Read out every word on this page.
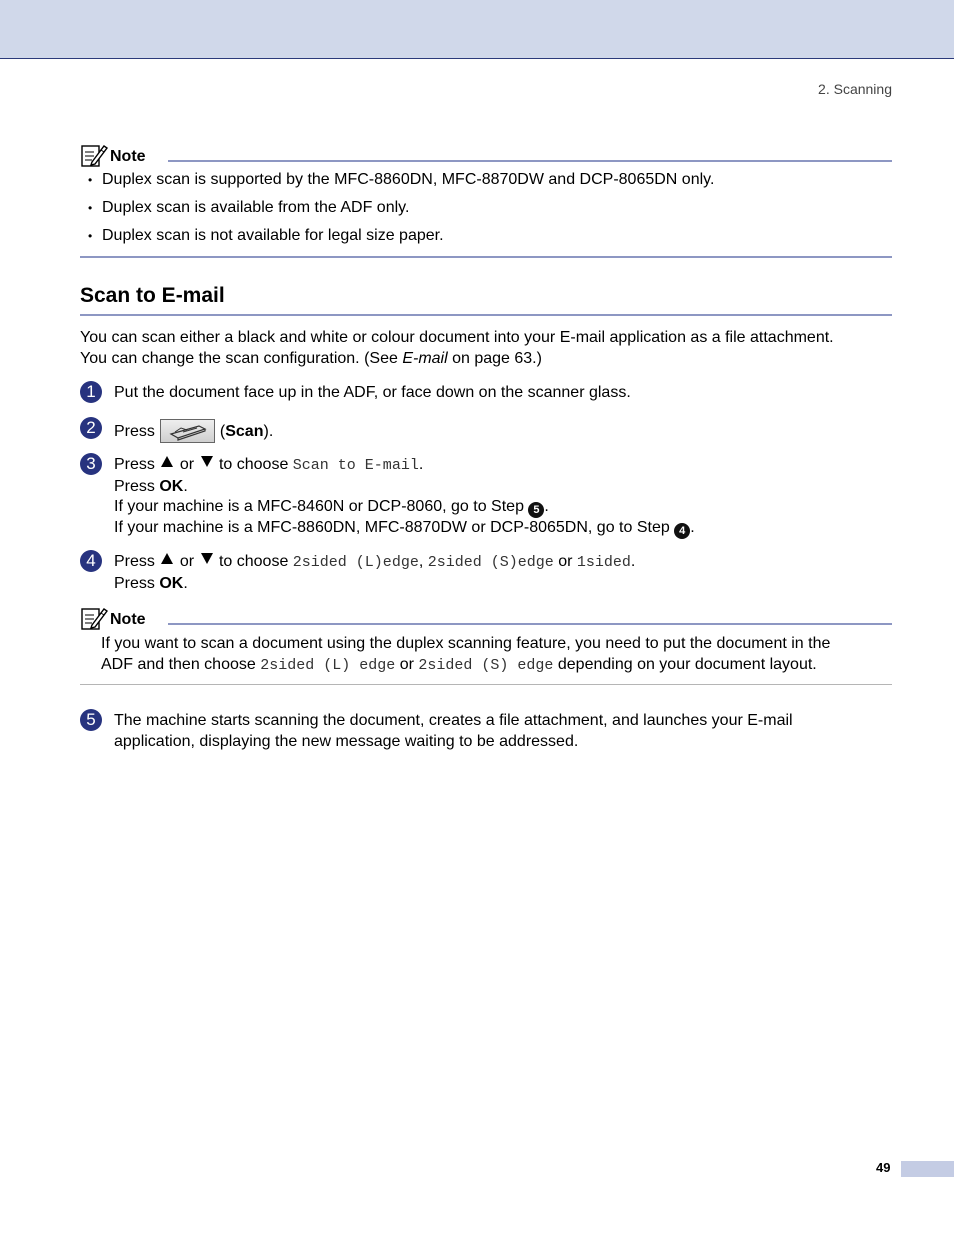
2. Scanning
Note
• Duplex scan is supported by the MFC-8860DN, MFC-8870DW and DCP-8065DN only.
• Duplex scan is available from the ADF only.
• Duplex scan is not available for legal size paper.
Scan to E-mail
You can scan either a black and white or colour document into your E-mail application as a file attachment.
You can change the scan configuration. (See E-mail on page 63.)
1	Put the document face up in the ADF, or face down on the scanner glass.
2	Press	(Scan).
3	Press or to choose Scan to E-mail.
Press OK.
If your machine is a MFC-8460N or DCP-8060, go to Step 5 .
If your machine is a MFC-8860DN, MFC-8870DW or DCP-8065DN, go to Step 4 .
4	Press or to choose 2sided (L)edge, 2sided (S)edge or 1sided.
Press OK.
Note
If you want to scan a document using the duplex scanning feature, you need to put the document in the
ADF and then choose 2sided (L) edge or 2sided (S) edge depending on your document layout.
5	The machine starts scanning the document, creates a file attachment, and launches your E-mail
application, displaying the new message waiting to be addressed.
49
